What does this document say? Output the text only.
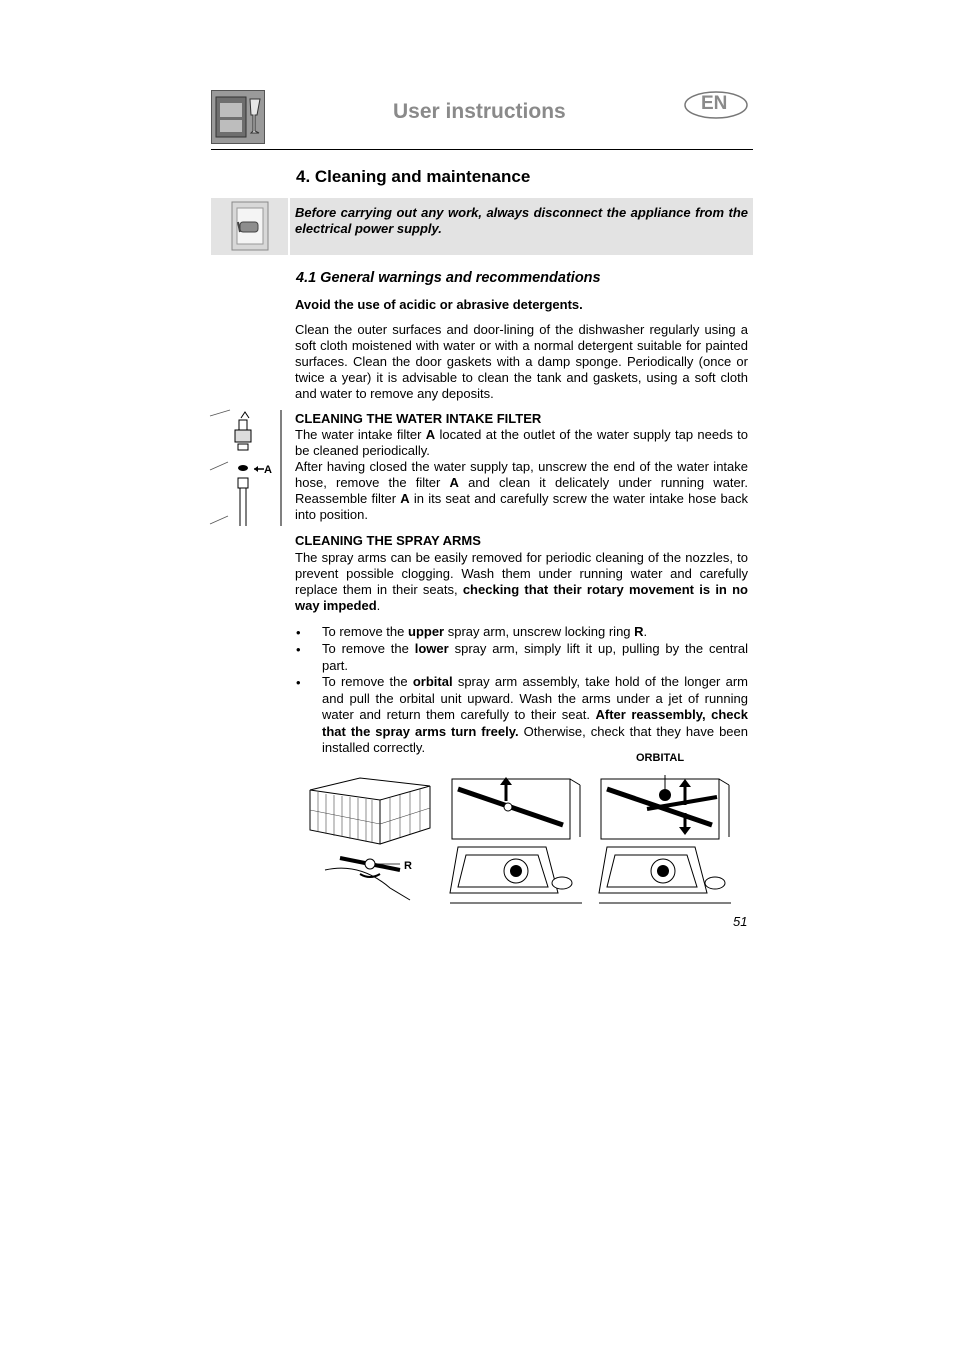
User instructions	EN
4. Cleaning and maintenance
Before carrying out any work, always disconnect the appliance from the electrical power supply.
4.1 General warnings and recommendations
Avoid the use of acidic or abrasive detergents.
Clean the outer surfaces and door-lining of the dishwasher regularly using a soft cloth moistened with water or with a normal detergent suitable for painted surfaces. Clean the door gaskets with a damp sponge. Periodically (once or twice a year) it is advisable to clean the tank and gaskets, using a soft cloth and water to remove any deposits.
A
CLEANING THE WATER INTAKE FILTER
The water intake filter A located at the outlet of the water supply tap needs to be cleaned periodically.
After having closed the water supply tap, unscrew the end of the water intake hose, remove the filter A and clean it delicately under running water. Reassemble filter A in its seat and carefully screw the water intake hose back into position.
CLEANING THE SPRAY ARMS
The spray arms can be easily removed for periodic cleaning of the nozzles, to prevent possible clogging. Wash them under running water and carefully replace them in their seats, checking that their rotary movement is in no way impeded.
• To remove the upper spray arm, unscrew locking ring R.
• To remove the lower spray arm, simply lift it up, pulling by the central part.
• To remove the orbital spray arm assembly, take hold of the longer arm and pull the orbital unit upward. Wash the arms under a jet of running water and return them carefully to their seat. After reassembly, check that the spray arms turn freely. Otherwise, check that they have been installed correctly.
R
ORBITAL
51
